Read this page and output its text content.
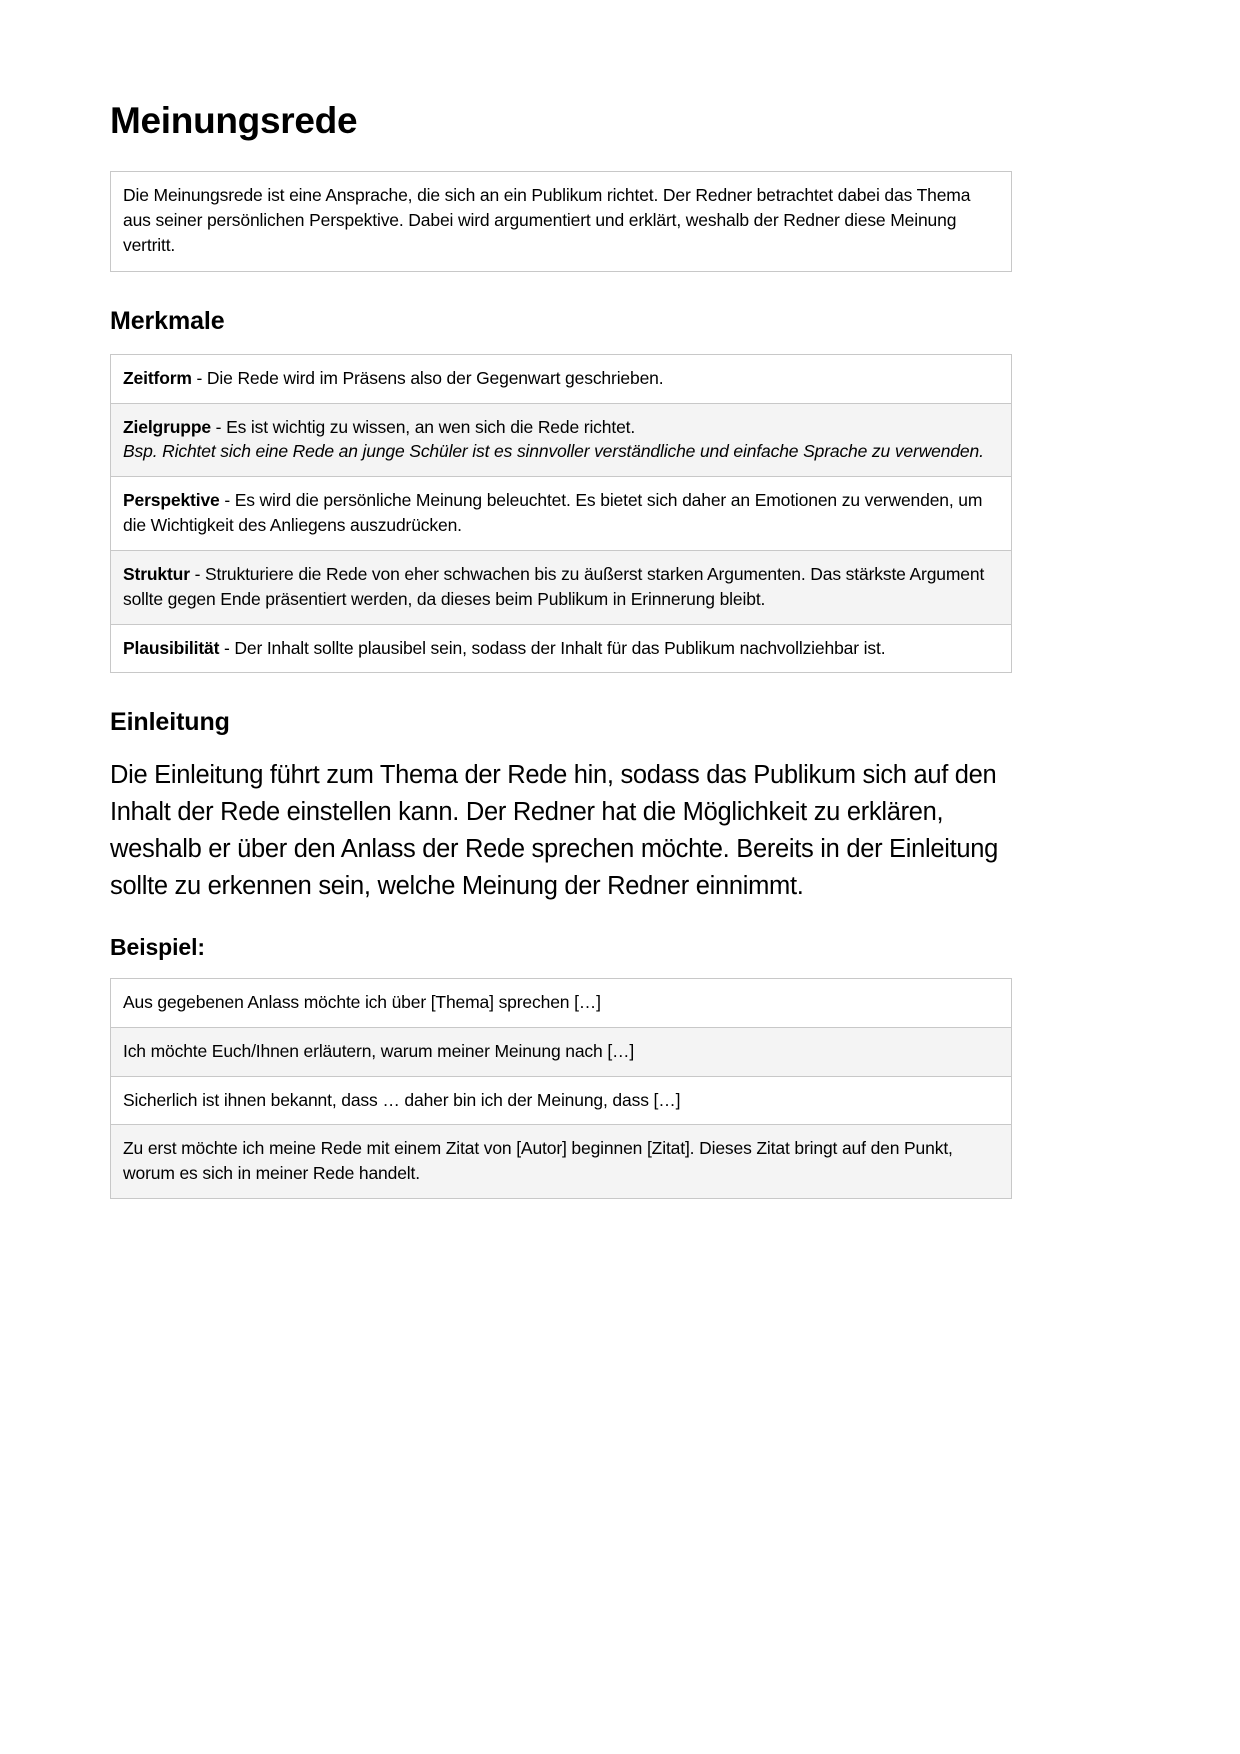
Meinungsrede
Die Meinungsrede ist eine Ansprache, die sich an ein Publikum richtet. Der Redner betrachtet dabei das Thema aus seiner persönlichen Perspektive. Dabei wird argumentiert und erklärt, weshalb der Redner diese Meinung vertritt.
Merkmale
Zeitform - Die Rede wird im Präsens also der Gegenwart geschrieben.
Zielgruppe - Es ist wichtig zu wissen, an wen sich die Rede richtet.
Bsp. Richtet sich eine Rede an junge Schüler ist es sinnvoller verständliche und einfache Sprache zu verwenden.

Perspektive - Es wird die persönliche Meinung beleuchtet. Es bietet sich daher an Emotionen zu verwenden, um die Wichtigkeit des Anliegens auszudrücken.
Struktur - Strukturiere die Rede von eher schwachen bis zu äußerst starken Argumenten. Das stärkste Argument sollte gegen Ende präsentiert werden, da dieses beim Publikum in Erinnerung bleibt.
Plausibilität - Der Inhalt sollte plausibel sein, sodass der Inhalt für das Publikum nachvollziehbar ist.
Einleitung

Die Einleitung führt zum Thema der Rede hin, sodass das Publikum sich auf den Inhalt der Rede einstellen kann. Der Redner hat die Möglichkeit zu erklären, weshalb er über den Anlass der Rede sprechen möchte. Bereits in der Einleitung sollte zu erkennen sein, welche Meinung der Redner einnimmt.

Beispiel:
Aus gegebenen Anlass möchte ich über [Thema] sprechen […]
Ich möchte Euch/Ihnen erläutern, warum meiner Meinung nach […]
Sicherlich ist ihnen bekannt, dass … daher bin ich der Meinung, dass […]
Zu erst möchte ich meine Rede mit einem Zitat von [Autor] beginnen [Zitat]. Dieses Zitat bringt auf den Punkt, worum es sich in meiner Rede handelt.
